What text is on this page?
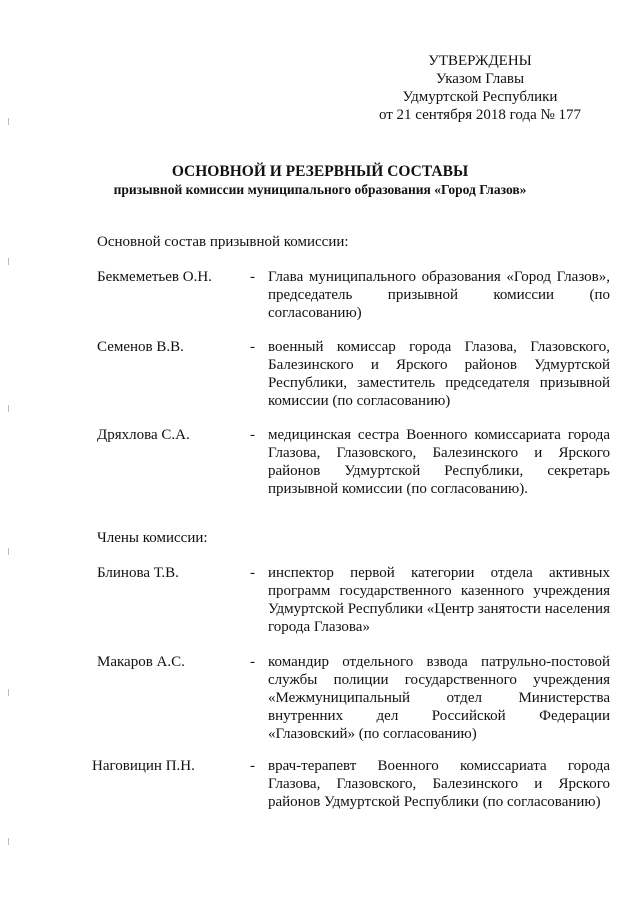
УТВЕРЖДЕНЫ
Указом Главы
Удмуртской Республики
от 21 сентября 2018 года № 177
ОСНОВНОЙ И РЕЗЕРВНЫЙ СОСТАВЫ
призывной комиссии муниципального образования «Город Глазов»
Основной состав призывной комиссии:
Бекмеметьев О.Н.	- Глава муниципального образования «Город Глазов», председатель призывной комиссии (по согласованию)
Семенов В.В.	- военный комиссар города Глазова, Глазовского, Балезинского и Ярского районов Удмуртской Республики, заместитель председателя призывной комиссии (по согласованию)
Дряхлова С.А.	- медицинская сестра Военного комиссариата города Глазова, Глазовского, Балезинского и Ярского районов Удмуртской Республики, секретарь призывной комиссии (по согласованию).
Члены комиссии:
Блинова Т.В.	- инспектор первой категории отдела активных программ государственного казенного учреждения Удмуртской Республики «Центр занятости населения города Глазова»
Макаров А.С.	- командир отдельного взвода патрульно-постовой службы полиции государственного учреждения «Межмуниципальный отдел Министерства внутренних дел Российской Федерации «Глазовский» (по согласованию)
Наговицин П.Н.	- врач-терапевт Военного комиссариата города Глазова, Глазовского, Балезинского и Ярского районов Удмуртской Республики (по согласованию)
